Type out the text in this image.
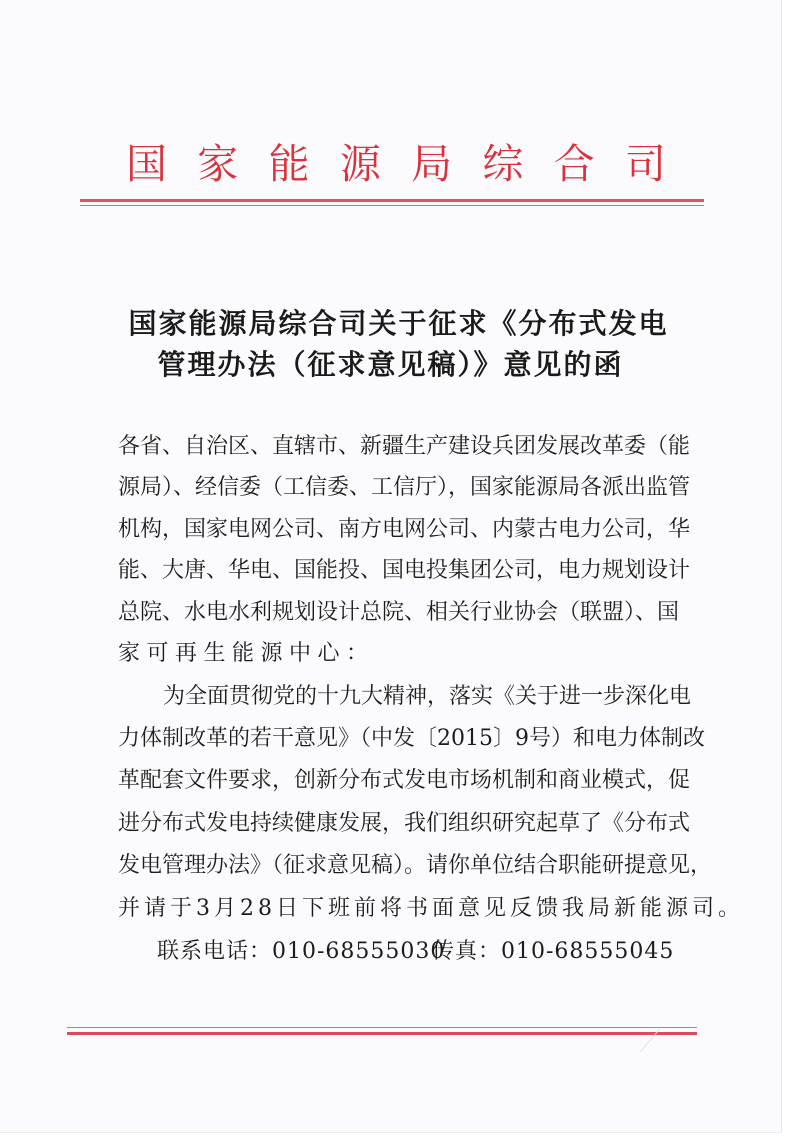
国 家 能 源 局 综 合 司
国家能源局综合司关于征求《分布式发电
管理办法（征求意见稿）》意见的函
各省、自治区、直辖市、新疆生产建设兵团发展改革委（能
源局）、经信委（工信委、工信厅），国家能源局各派出监管
机构，国家电网公司、南方电网公司、内蒙古电力公司，华
能、大唐、华电、国能投、国电投集团公司，电力规划设计
总院、水电水利规划设计总院、相关行业协会（联盟）、国
家可再生能源中心：
为全面贯彻党的十九大精神，落实《关于进一步深化电
力体制改革的若干意见》（中发〔2015〕9号）和电力体制改
革配套文件要求，创新分布式发电市场机制和商业模式，促
进分布式发电持续健康发展，我们组织研究起草了《分布式
发电管理办法》（征求意见稿）。请你单位结合职能研提意见，
并请于3月28日下班前将书面意见反馈我局新能源司。
联系电话：010-68555030
传真：010-68555045
